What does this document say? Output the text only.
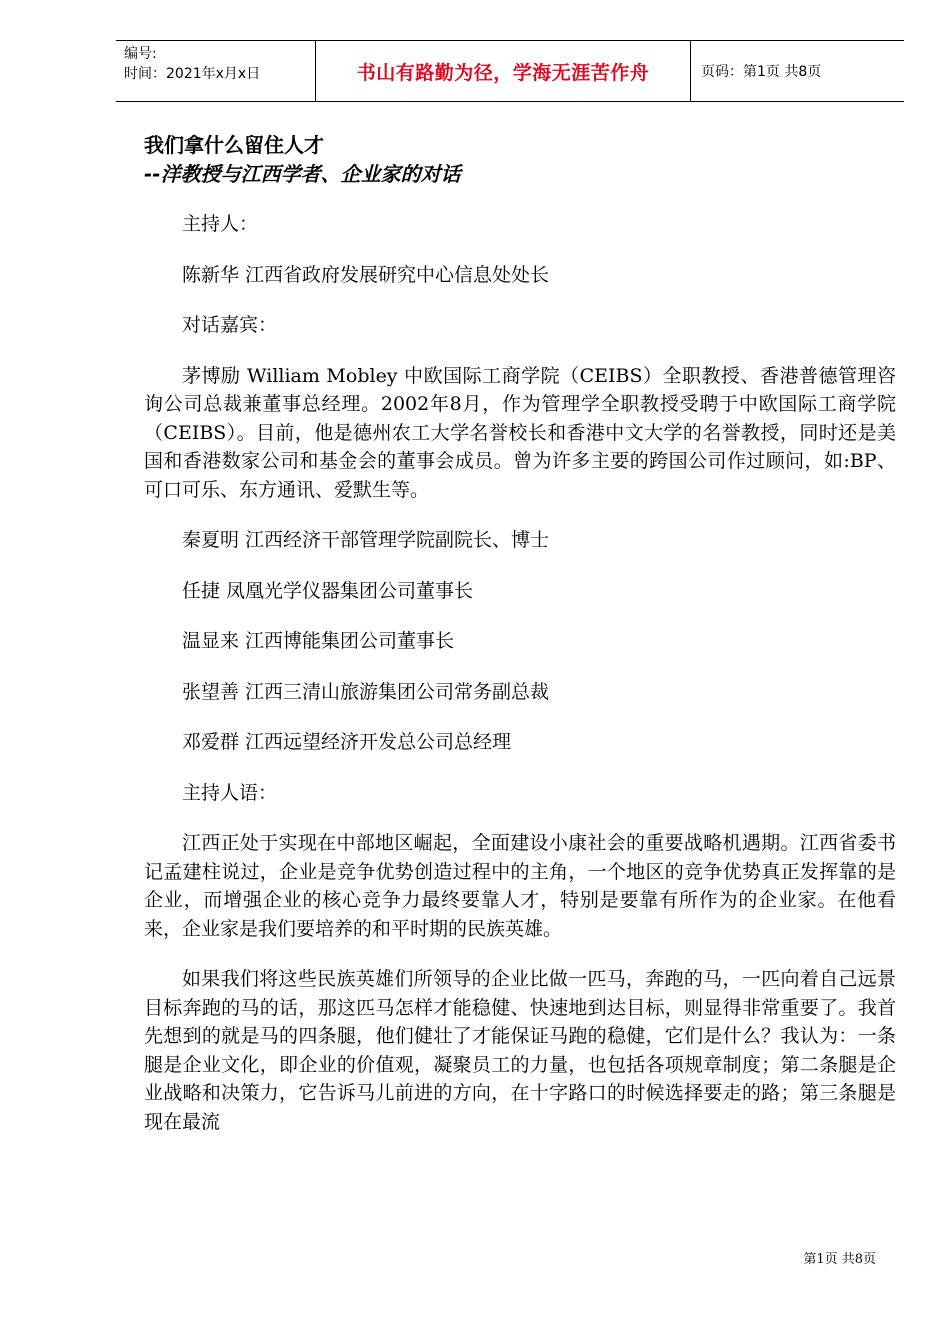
编号:
时间：2021年x月x日	书山有路勤为径，学海无涯苦作舟	页码：第1页 共8页
我们拿什么留住人才
--洋教授与江西学者、企业家的对话

主持人：

陈新华 江西省政府发展研究中心信息处处长

对话嘉宾：

茅博励 William Mobley 中欧国际工商学院（CEIBS）全职教授、香港普德管理咨询公司总裁兼董事总经理。2002年8月，作为管理学全职教授受聘于中欧国际工商学院（CEIBS）。目前，他是德州农工大学名誉校长和香港中文大学的名誉教授，同时还是美国和香港数家公司和基金会的董事会成员。曾为许多主要的跨国公司作过顾问，如:BP、可口可乐、东方通讯、爱默生等。

秦夏明 江西经济干部管理学院副院长、博士

任捷 凤凰光学仪器集团公司董事长

温显来 江西博能集团公司董事长

张望善 江西三清山旅游集团公司常务副总裁

邓爱群 江西远望经济开发总公司总经理

主持人语：

江西正处于实现在中部地区崛起，全面建设小康社会的重要战略机遇期。江西省委书记孟建柱说过，企业是竞争优势创造过程中的主角，一个地区的竞争优势真正发挥靠的是企业，而增强企业的核心竞争力最终要靠人才，特别是要靠有所作为的企业家。在他看来，企业家是我们要培养的和平时期的民族英雄。

如果我们将这些民族英雄们所领导的企业比做一匹马，奔跑的马，一匹向着自己远景目标奔跑的马的话，那这匹马怎样才能稳健、快速地到达目标，则显得非常重要了。我首先想到的就是马的四条腿，他们健壮了才能保证马跑的稳健，它们是什么？我认为：一条腿是企业文化，即企业的价值观，凝聚员工的力量，也包括各项规章制度；第二条腿是企业战略和决策力，它告诉马儿前进的方向，在十字路口的时候选择要走的路；第三条腿是现在最流

第1页 共8页
